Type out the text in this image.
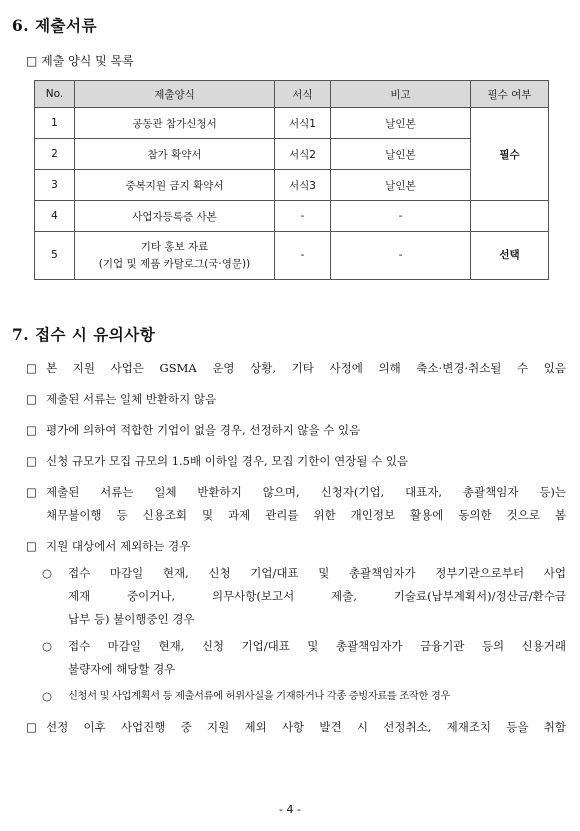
6. 제출서류
□ 제출 양식 및 목록
No.	제출양식	서식	비고	필수 여부
1	공동관 참가신청서	서식1	날인본	필수
2	참가 확약서	서식2	날인본	
3	중복지원 금지 확약서	서식3	날인본	
4	사업자등록증 사본	-	-	
5	기타 홍보 자료
(기업 및 제품 카탈로그(국·영문))	-	-	선택
7. 접수 시 유의사항
□ 본 지원 사업은 GSMA 운영 상황, 기타 사정에 의해 축소·변경·취소될 수 있음
□ 제출된 서류는 일체 반환하지 않음
□ 평가에 의하여 적합한 기업이 없을 경우, 선정하지 않을 수 있음
□ 신청 규모가 모집 규모의 1.5배 이하일 경우, 모집 기한이 연장될 수 있음
□ 제출된 서류는 일체 반환하지 않으며, 신청자(기업, 대표자, 총괄책임자 등)는
채무불이행 등 신용조회 및 과제 관리를 위한 개인정보 활용에 동의한 것으로 봄
□ 지원 대상에서 제외하는 경우
○ 접수 마감일 현재, 신청 기업/대표 및 총괄책임자가 정부기관으로부터 사업
제재 중이거나, 의무사항(보고서 제출, 기술료(납부계획서)/정산금/환수금
납부 등) 불이행중인 경우
○ 접수 마감일 현재, 신청 기업/대표 및 총괄책임자가 금융기관 등의 신용거래
불량자에 해당할 경우
○ 신청서 및 사업계획서 등 제출서류에 허위사실을 기재하거나 각종 증빙자료를 조작한 경우
□ 선정 이후 사업진행 중 지원 제외 사항 발견 시 선정취소, 제재조치 등을 취함
- 4 -
